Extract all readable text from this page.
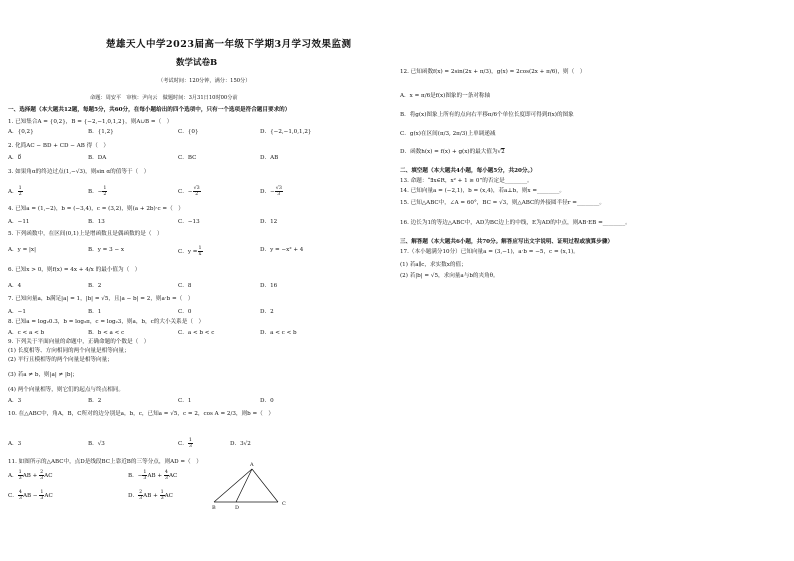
楚雄天人中学2023届高一年级下学期3月学习效果监测
数学试卷B
（考试时间：120分钟，满分：150分）
命题：周安平　审核：尹向云　做题时间：3月31日10时00分前
一、选择题（本大题共12题，每题5分，共60分，在每小题给出的四个选项中，只有一个选项是符合题目要求的）
1. 已知集合A = {0,2}，B = {−2,−1,0,1,2}，则A∪B =（　）
A．{0,2}	B．{1,2}	C．{0}	D．{−2,−1,0,1,2}
2. 化简AC − BD + CD − AB 得（　）
A．0⃗	B．DA	C．BC	D．AB
3. 如果角α的终边过点(1,−√3)，则sin α的值等于（　）
A． $\frac{1}{2}$	B．− $\frac{1}{2}$	C．− $\frac{√3}{2}$	D．− $\frac{√3}{3}$
4. 已知a = (1,−2)，b = (−3,4)，c = (3,2)，则(a + 2b)·c =（　）
A．−11	B．13	C．−13	D．12
5. 下列函数中，在区间(0,1)上是增函数且是偶函数的是（　）
A．y = |x|	B．y = 3 − x	C．$y = \frac{1}{x}$	D．y = −x² + 4
6. 已知x > 0，则f(x) = 4x + 4/x 的最小值为（　）
A．4	B．2	C．8	D．16
7. 已知向量a，b满足|a| = 1，|b| = √5，且|a − b| = 2，则a·b =（　）
A．−1	B．1	C．0	D．2
8. 已知a = log₂0.3，b = log₃π，c = log₂3，则a，b，c的大小关系是（　）
A．c < a < b	B．b < a < c	C．a < b < c	D．a < c < b
9. 下列关于平面向量的命题中，正确命题的个数是（　）
(1) 长度相等、方向相同的两个向量是相等向量；
(2) 平行且模相等的两个向量是相等向量；
(3) 若a ≠ b，则|a| ≠ |b|；
(4) 两个向量相等，则它们的起点与终点相同。
A．3	B．2	C．1	D．0
10. 在△ABC中，角A，B，C所对的边分别是a，b，c，已知a = √5，c = 2，cos A = 2/3，则b =（　）
A．3	B．√3	C． $\frac{1}{3}$	D．3√2
11. 如图所示的△ABC中，点D是线段BC上靠近B的三等分点，则AD =（　）
A． $\frac{1}{3}$ AB + $\frac{2}{3}$ AC	B．− $\frac{1}{3}$ AB + $\frac{4}{3}$ AC
C． $\frac{4}{3}$ AB − $\frac{1}{3}$ AC	D． $\frac{2}{3}$ AB + $\frac{1}{3}$ AC
A
B	D
C
12. 已知函数f(x) = 2sin(2x + π/3)，g(x) = 2cos(2x + π/6)，则（　）
A．x = π/6是f(x)图象的一条对称轴
B．将g(x)图象上所有的点向右平移π/6个单位长度即可得到f(x)的图象
C．g(x)在区间(π/3, 2π/3)上单调递减
D．函数h(x) = f(x) + g(x)的最大值为√2
二、填空题（本大题共4小题，每小题5分，共20分。）
13. 命题：“∃x∈R，x² + 1 ≥ 0”的否定是________。
14. 已知向量a = (−2,1)，b = (x,4)，若a⊥b，则x =________。
15. 已知△ABC中，∠A = 60°，BC = √3，则△ABC的外接圆半径r =________。
16. 边长为1的等边△ABC中，AD为BC边上的中线，E为AD的中点，则AB·EB =________。
三、解答题（本大题共6小题，共70分。解答应写出文字说明、证明过程或演算步骤）
17.（本小题满分10分）已知向量a = (3,−1)，a·b = −5，c = (x,1)。
(1) 若a∥c，求实数x的值；
(2) 若|b| = √5，求向量a与b的夹角θ。
